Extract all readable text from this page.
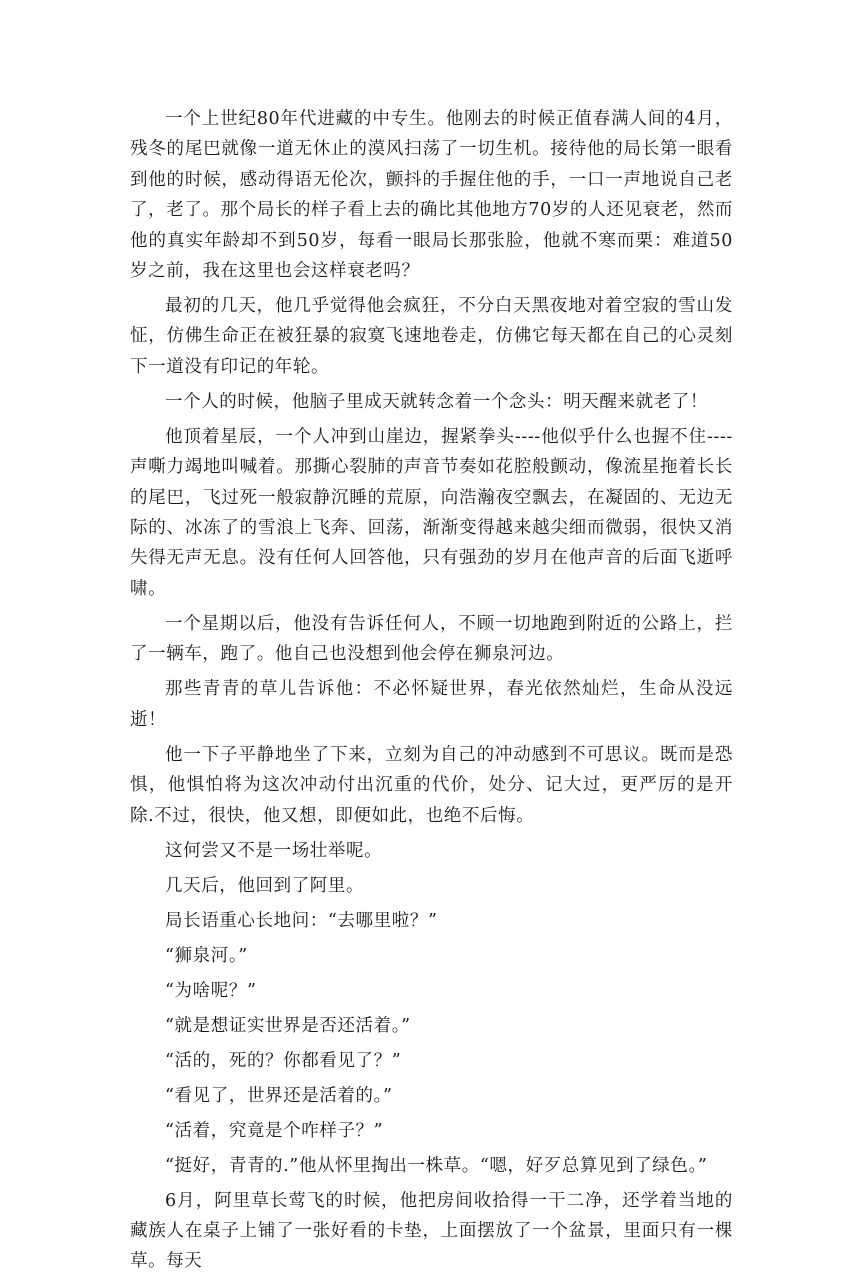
一个上世纪80年代进藏的中专生。他刚去的时候正值春满人间的4月，残冬的尾巴就像一道无休止的漠风扫荡了一切生机。接待他的局长第一眼看到他的时候，感动得语无伦次，颤抖的手握住他的手，一口一声地说自己老了，老了。那个局长的样子看上去的确比其他地方70岁的人还见衰老，然而他的真实年龄却不到50岁，每看一眼局长那张脸，他就不寒而栗：难道50岁之前，我在这里也会这样衰老吗？

最初的几天，他几乎觉得他会疯狂，不分白天黑夜地对着空寂的雪山发怔，仿佛生命正在被狂暴的寂寞飞速地卷走，仿佛它每天都在自己的心灵刻下一道没有印记的年轮。

一个人的时候，他脑子里成天就转念着一个念头：明天醒来就老了！

他顶着星辰，一个人冲到山崖边，握紧拳头----他似乎什么也握不住----声嘶力竭地叫喊着。那撕心裂肺的声音节奏如花腔般颤动，像流星拖着长长的尾巴，飞过死一般寂静沉睡的荒原，向浩瀚夜空飘去，在凝固的、无边无际的、冰冻了的雪浪上飞奔、回荡，渐渐变得越来越尖细而微弱，很快又消失得无声无息。没有任何人回答他，只有强劲的岁月在他声音的后面飞逝呼啸。

一个星期以后，他没有告诉任何人，不顾一切地跑到附近的公路上，拦了一辆车，跑了。他自己也没想到他会停在狮泉河边。

那些青青的草儿告诉他：不必怀疑世界，春光依然灿烂，生命从没远逝！

他一下子平静地坐了下来，立刻为自己的冲动感到不可思议。既而是恐惧，他惧怕将为这次冲动付出沉重的代价，处分、记大过，更严厉的是开除.不过，很快，他又想，即便如此，也绝不后悔。

这何尝又不是一场壮举呢。

几天后，他回到了阿里。

局长语重心长地问：“去哪里啦？”

“狮泉河。”

“为啥呢？”

“就是想证实世界是否还活着。”

“活的，死的？你都看见了？”

“看见了，世界还是活着的。”

“活着，究竟是个咋样子？”

“挺好，青青的.”他从怀里掏出一株草。“嗯，好歹总算见到了绿色。”

6月，阿里草长莺飞的时候，他把房间收拾得一干二净，还学着当地的藏族人在桌子上铺了一张好看的卡垫，上面摆放了一个盆景，里面只有一棵草。每天
